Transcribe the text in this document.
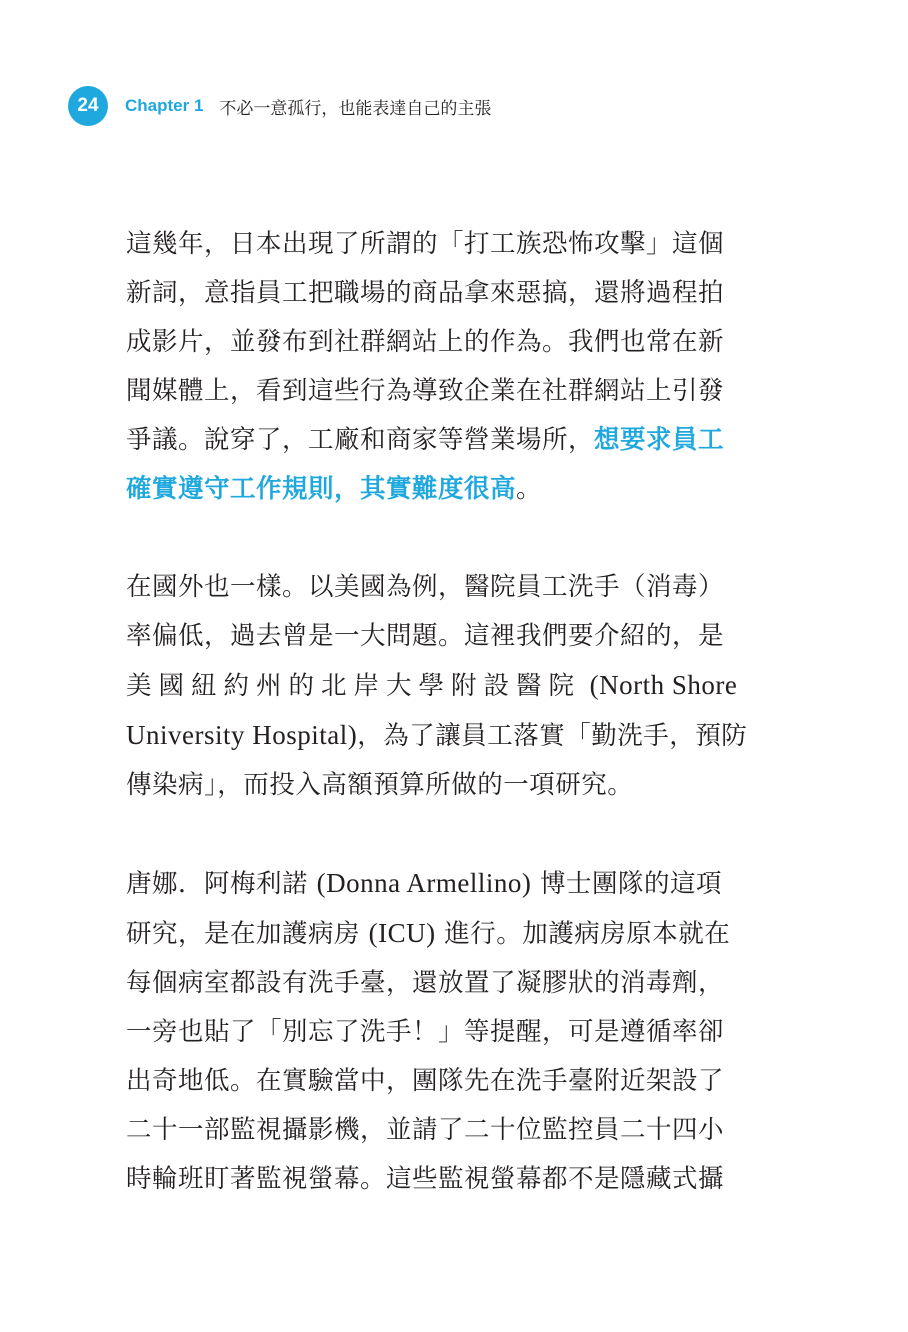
24 Chapter 1 不必一意孤行，也能表達自己的主張

這幾年，日本出現了所謂的「打工族恐怖攻擊」這個
新詞，意指員工把職場的商品拿來惡搞，還將過程拍
成影片，並發布到社群網站上的作為。我們也常在新
聞媒體上，看到這些行為導致企業在社群網站上引發
爭議。說穿了，工廠和商家等營業場所，想要求員工
確實遵守工作規則，其實難度很高。

在國外也一樣。以美國為例，醫院員工洗手（消毒）
率偏低，過去曾是一大問題。這裡我們要介紹的，是
美國紐約州的北岸大學附設醫院 (North Shore
University Hospital)，為了讓員工落實「勤洗手，預防
傳染病」，而投入高額預算所做的一項研究。

唐娜．阿梅利諾 (Donna Armellino) 博士團隊的這項
研究，是在加護病房 (ICU) 進行。加護病房原本就在
每個病室都設有洗手臺，還放置了凝膠狀的消毒劑，
一旁也貼了「別忘了洗手！」等提醒，可是遵循率卻
出奇地低。在實驗當中，團隊先在洗手臺附近架設了
二十一部監視攝影機，並請了二十位監控員二十四小
時輪班盯著監視螢幕。這些監視螢幕都不是隱藏式攝
